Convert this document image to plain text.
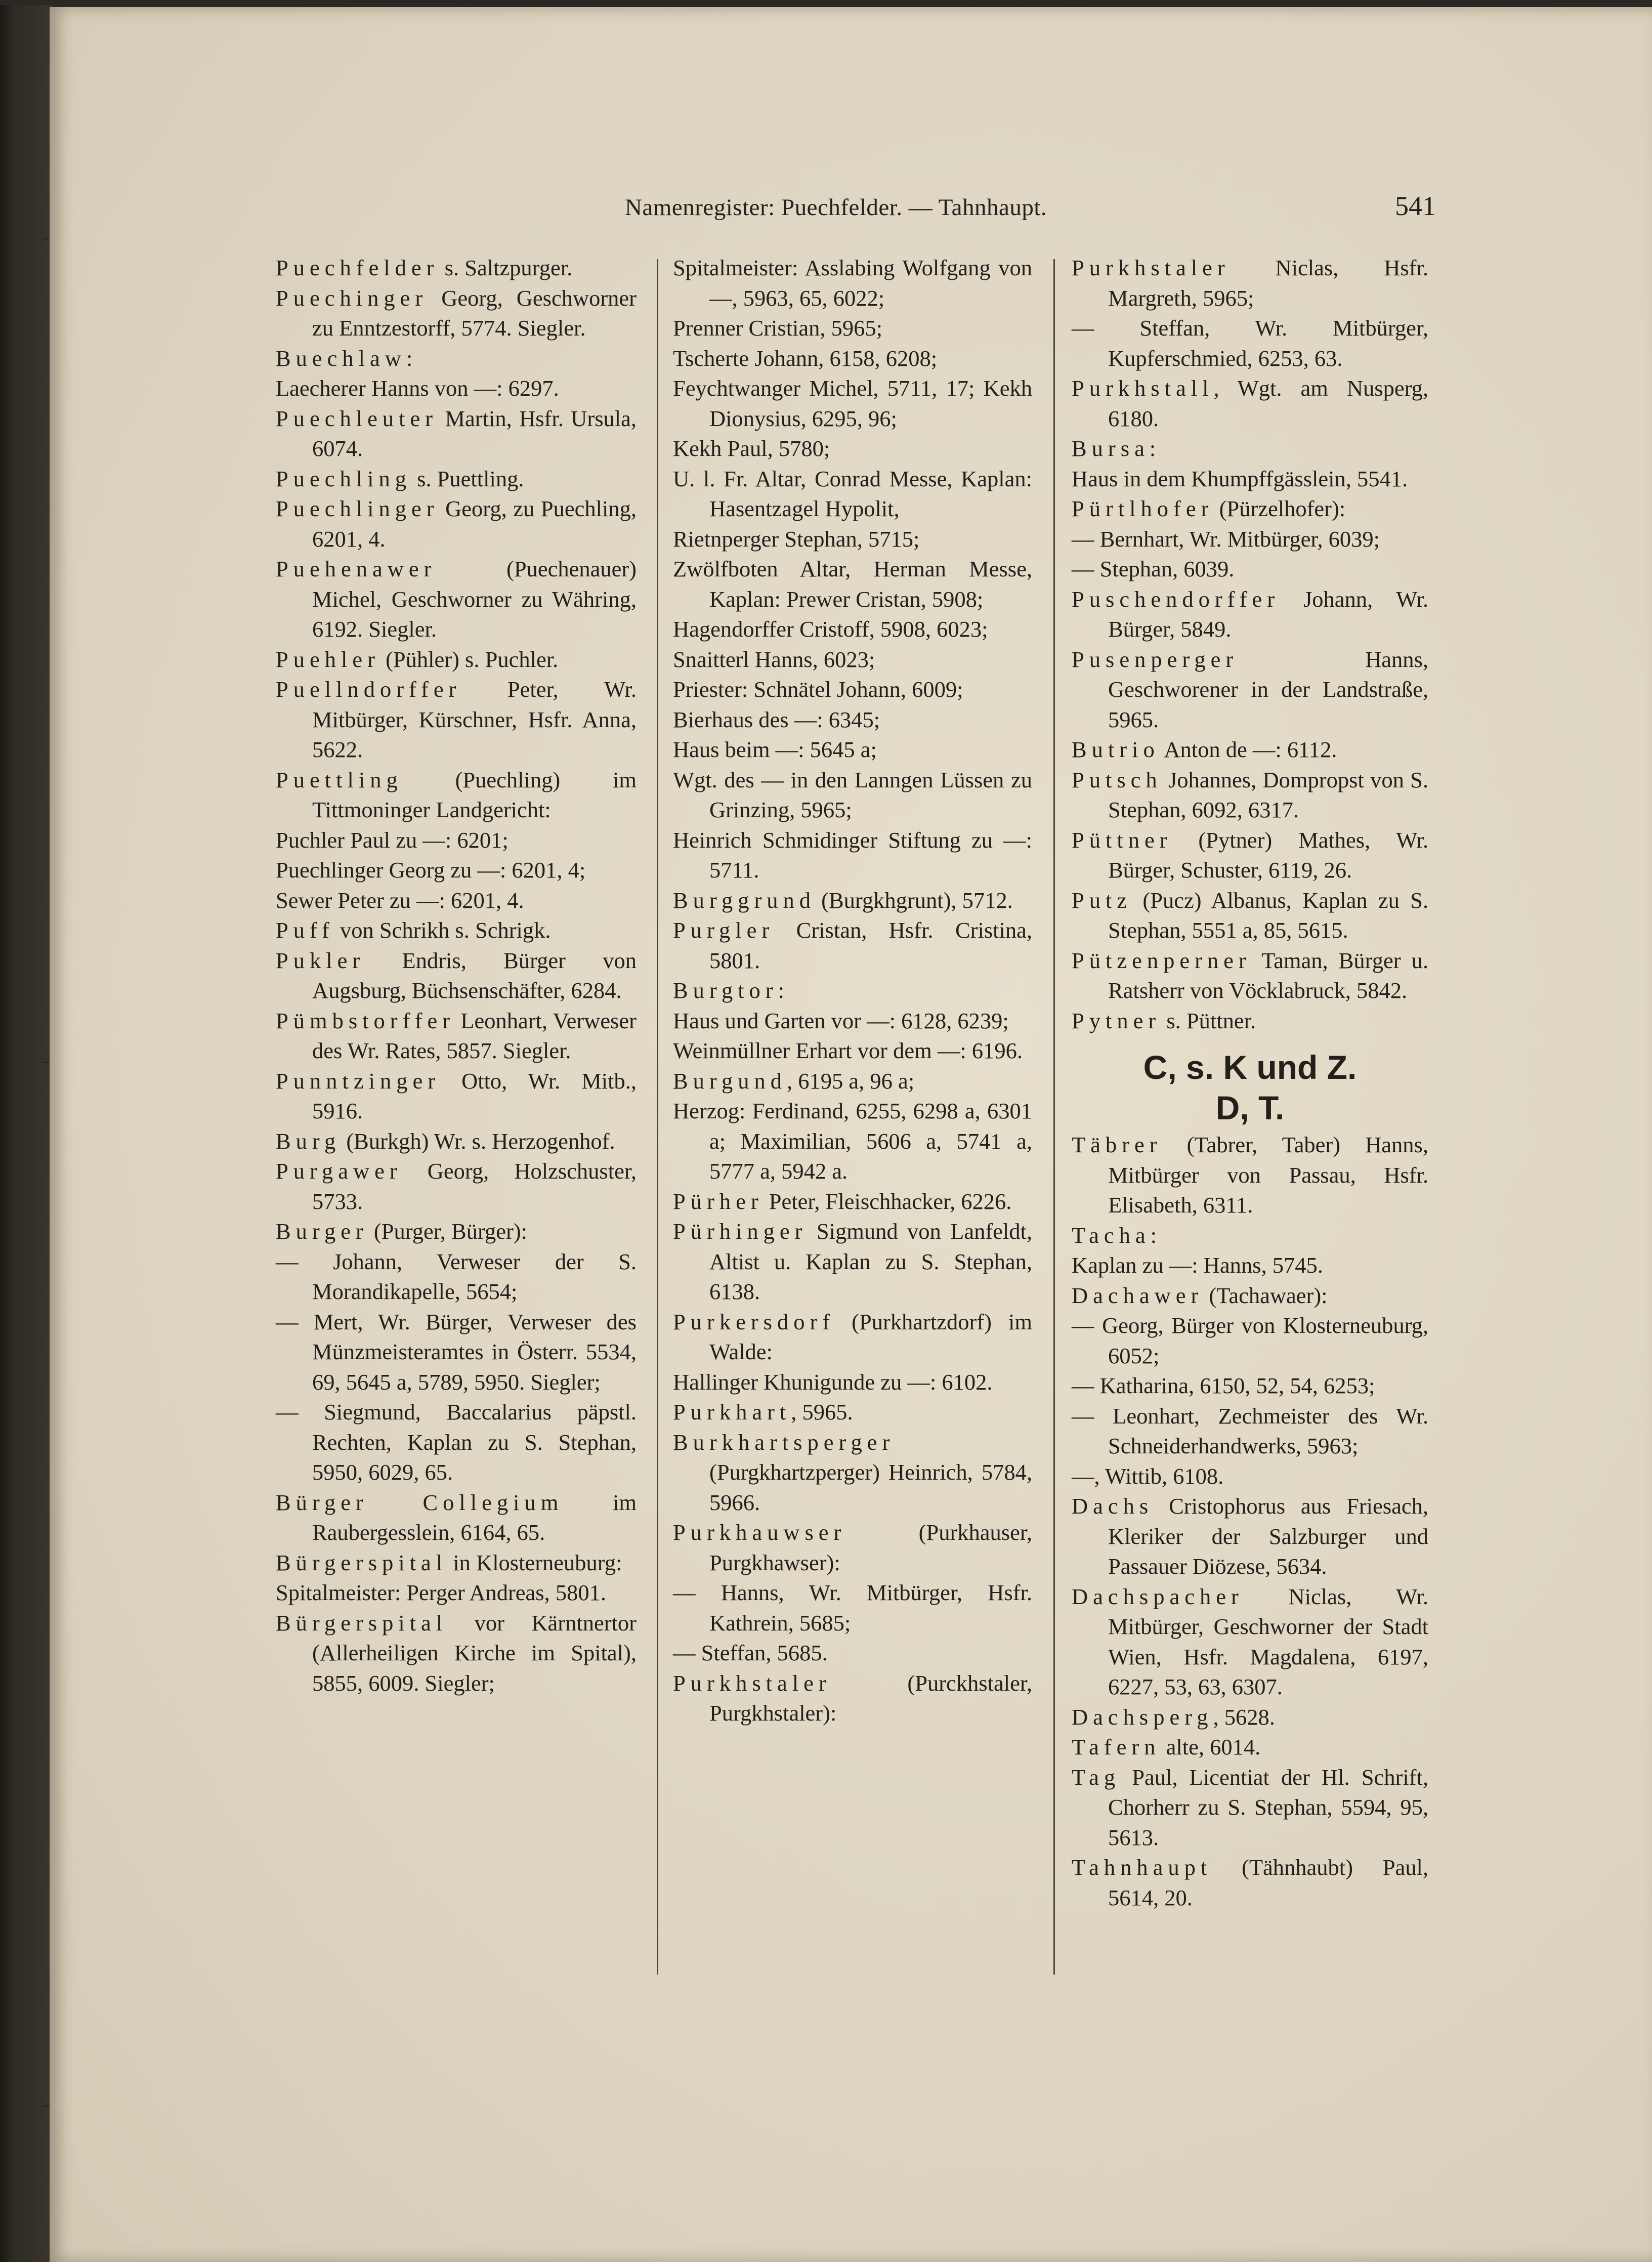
Namenregister: Puechfelder. — Tahnhaupt.	541

Puechfelder s. Saltzpurger.

Puechinger Georg, Geschworner zu Enntzestorff, 5774. Siegler.

Buechlaw:

Laecherer Hanns von —: 6297.

Puechleuter Martin, Hsfr. Ursula, 6074.

Puechling s. Puettling.

Puechlinger Georg, zu Puechling, 6201, 4.

Puehenawer (Puechenauer) Michel, Geschworner zu Währing, 6192. Siegler.

Puehler (Pühler) s. Puchler.

Puellndorffer Peter, Wr. Mitbürger, Kürschner, Hsfr. Anna, 5622.

Puettling (Puechling) im Tittmoninger Landgericht:

Puchler Paul zu —: 6201;

Puechlinger Georg zu —: 6201, 4;

Sewer Peter zu —: 6201, 4.

Puff von Schrikh s. Schrigk.

Pukler Endris, Bürger von Augsburg, Büchsenschäfter, 6284.

Pümbstorffer Leonhart, Verweser des Wr. Rates, 5857. Siegler.

Punntzinger Otto, Wr. Mitb., 5916.

Burg (Burkgh) Wr. s. Herzogenhof.

Purgawer Georg, Holzschuster, 5733.

Burger (Purger, Bürger):

— Johann, Verweser der S. Morandikapelle, 5654;

— Mert, Wr. Bürger, Verweser des Münzmeisteramtes in Österr. 5534, 69, 5645 a, 5789, 5950. Siegler;

— Siegmund, Baccalarius päpstl. Rechten, Kaplan zu S. Stephan, 5950, 6029, 65.

Bürger Collegium im Raubergesslein, 6164, 65.

Bürgerspital in Klosterneuburg:

Spitalmeister: Perger Andreas, 5801.

Bürgerspital vor Kärntnertor (Allerheiligen Kirche im Spital), 5855, 6009. Siegler;

Spitalmeister: Asslabing Wolfgang von —, 5963, 65, 6022;

Prenner Cristian, 5965;

Tscherte Johann, 6158, 6208;

Feychtwanger Michel, 5711, 17; Kekh Dionysius, 6295, 96;

Kekh Paul, 5780;

U. l. Fr. Altar, Conrad Messe, Kaplan: Hasentzagel Hypolit,

Rietnperger Stephan, 5715;

Zwölfboten Altar, Herman Messe, Kaplan: Prewer Cristan, 5908;

Hagendorffer Cristoff, 5908, 6023;

Snaitterl Hanns, 6023;

Priester: Schnätel Johann, 6009;

Bierhaus des —: 6345;

Haus beim —: 5645 a;

Wgt. des — in den Lanngen Lüssen zu Grinzing, 5965;

Heinrich Schmidinger Stiftung zu —: 5711.

Burggrund (Burgkhgrunt), 5712.

Purgler Cristan, Hsfr. Cristina, 5801.

Burgtor:

Haus und Garten vor —: 6128, 6239;

Weinmüllner Erhart vor dem —: 6196.

Burgund, 6195 a, 96 a;

Herzog: Ferdinand, 6255, 6298 a, 6301 a; Maximilian, 5606 a, 5741 a, 5777 a, 5942 a.

Pürher Peter, Fleischhacker, 6226.

Pürhinger Sigmund von Lanfeldt, Altist u. Kaplan zu S. Stephan, 6138.

Purkersdorf (Purkhartzdorf) im Walde:

Hallinger Khunigunde zu —: 6102.

Purkhart, 5965.

Burkhartsperger (Purgkhartzperger) Heinrich, 5784, 5966.

Purkhauwser (Purkhauser, Purgkhawser):

— Hanns, Wr. Mitbürger, Hsfr. Kathrein, 5685;

— Steffan, 5685.

Purkhstaler (Purckhstaler, Purgkhstaler):

Purkhstaler Niclas, Hsfr. Margreth, 5965;

— Steffan, Wr. Mitbürger, Kupferschmied, 6253, 63.

Purkhstall, Wgt. am Nusperg, 6180.

Bursa:

Haus in dem Khumpffgässlein, 5541.

Pürtlhofer (Pürzelhofer):

— Bernhart, Wr. Mitbürger, 6039;

— Stephan, 6039.

Puschendorffer Johann, Wr. Bürger, 5849.

Pusenperger Hanns, Geschworener in der Landstraße, 5965.

Butrio Anton de —: 6112.

Putsch Johannes, Dompropst von S. Stephan, 6092, 6317.

Püttner (Pytner) Mathes, Wr. Bürger, Schuster, 6119, 26.

Putz (Pucz) Albanus, Kaplan zu S. Stephan, 5551 a, 85, 5615.

Pützenperner Taman, Bürger u. Ratsherr von Vöcklabruck, 5842.

Pytner s. Püttner.

C, s. K und Z.
D, T.

Täbrer (Tabrer, Taber) Hanns, Mitbürger von Passau, Hsfr. Elisabeth, 6311.

Tacha:

Kaplan zu —: Hanns, 5745.

Dachawer (Tachawaer):

— Georg, Bürger von Klosterneuburg, 6052;

— Katharina, 6150, 52, 54, 6253;

— Leonhart, Zechmeister des Wr. Schneiderhandwerks, 5963;

—, Wittib, 6108.

Dachs Cristophorus aus Friesach, Kleriker der Salzburger und Passauer Diözese, 5634.

Dachspacher Niclas, Wr. Mitbürger, Geschworner der Stadt Wien, Hsfr. Magdalena, 6197, 6227, 53, 63, 6307.

Dachsperg, 5628.

Tafern alte, 6014.

Tag Paul, Licentiat der Hl. Schrift, Chorherr zu S. Stephan, 5594, 95, 5613.

Tahnhaupt (Tähnhaubt) Paul, 5614, 20.
